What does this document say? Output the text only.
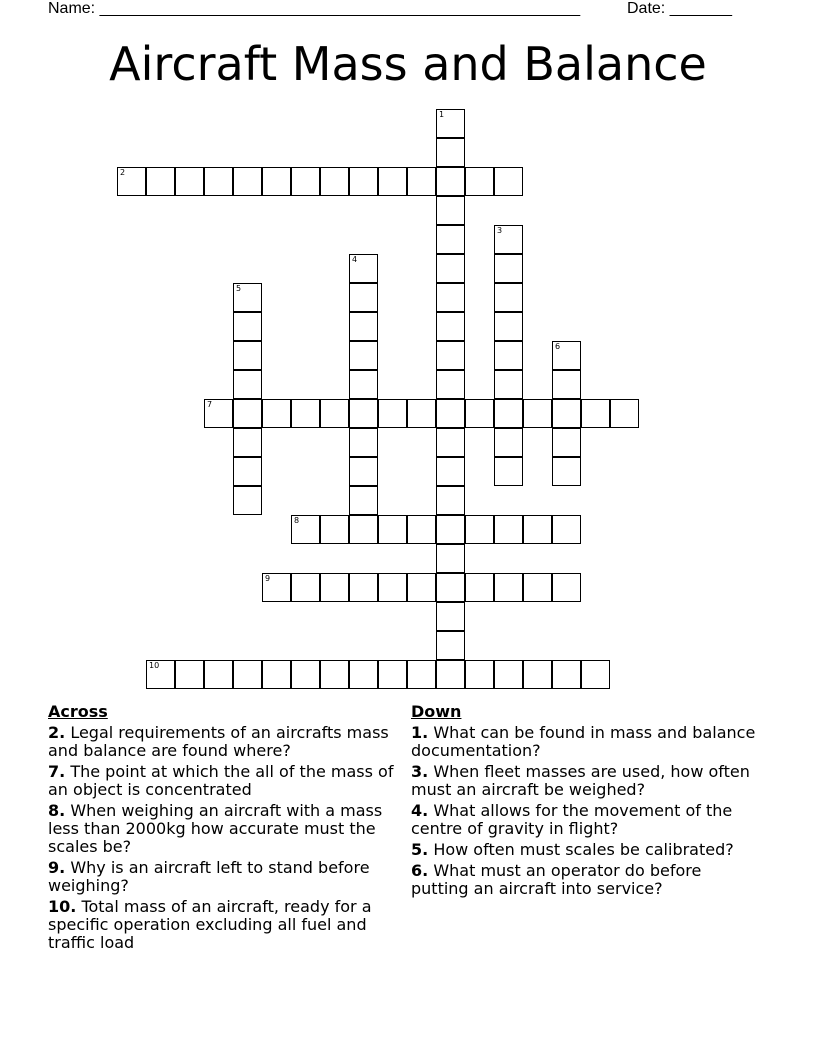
Name: ______________________________________________________	Date: _______
Aircraft Mass and Balance
1
2
3
4
5
6
7
8
9
10
Across
2. Legal requirements of an aircrafts mass and balance are found where?
7. The point at which the all of the mass of an object is concentrated
8. When weighing an aircraft with a mass less than 2000kg how accurate must the scales be?
9. Why is an aircraft left to stand before weighing?
10. Total mass of an aircraft, ready for a specific operation excluding all fuel and traffic load
Down
1. What can be found in mass and balance documentation?
3. When fleet masses are used, how often must an aircraft be weighed?
4. What allows for the movement of the centre of gravity in flight?
5. How often must scales be calibrated?
6. What must an operator do before putting an aircraft into service?
